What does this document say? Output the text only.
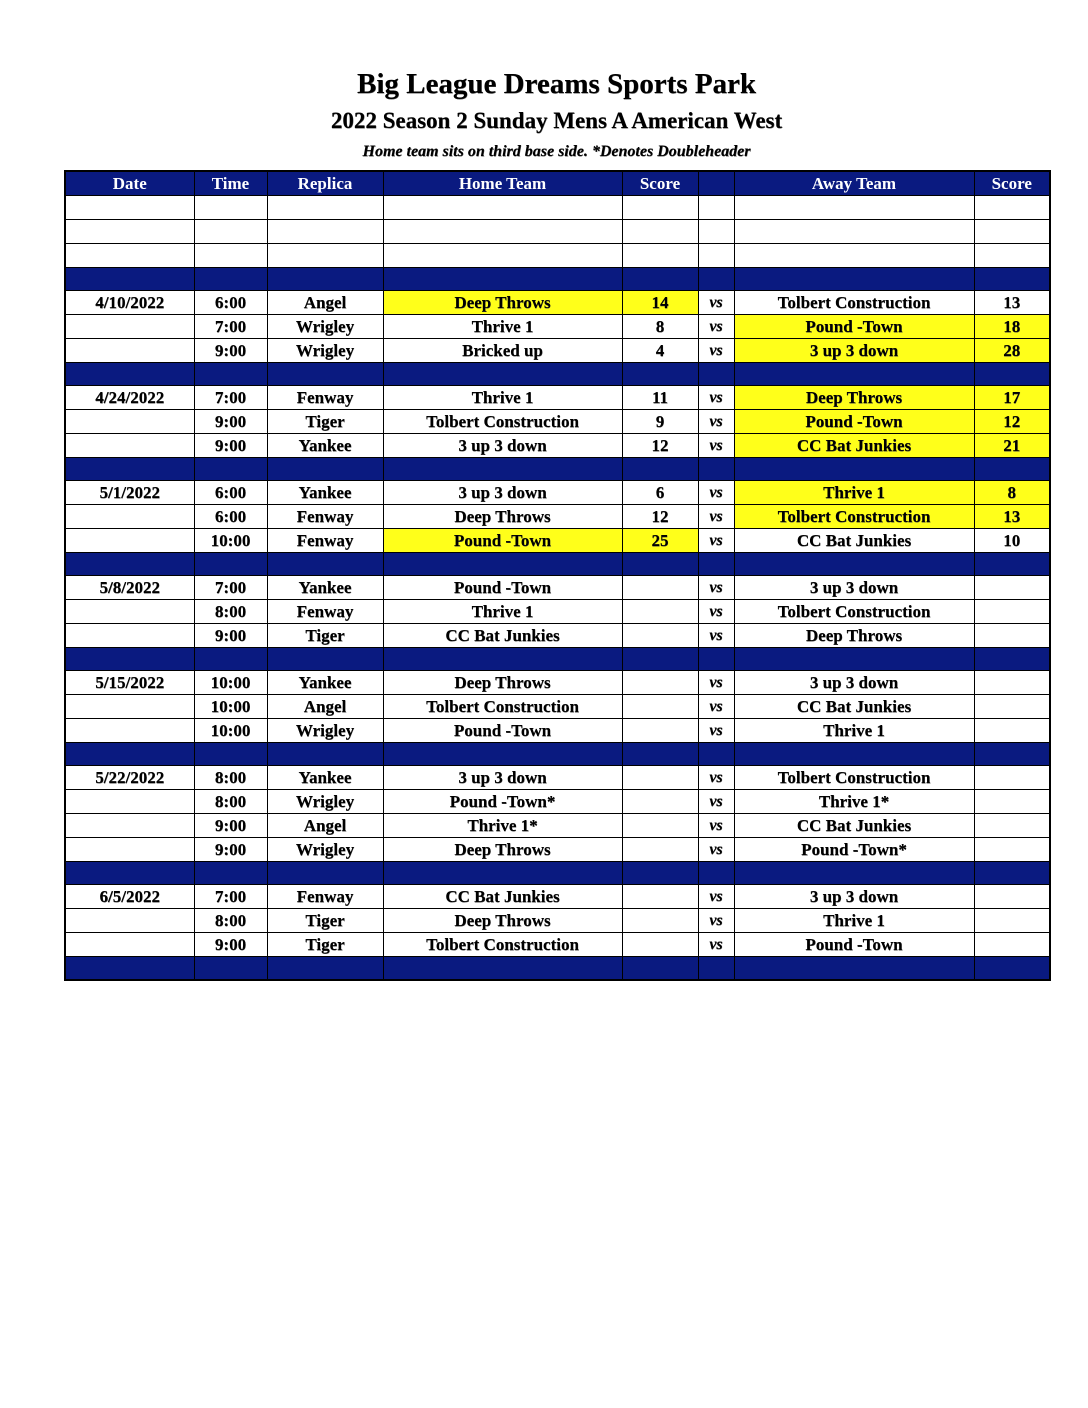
Big League Dreams Sports Park
2022 Season 2 Sunday Mens A American West
Home team sits on third base side. *Denotes Doubleheader
Date	Time	Replica	Home Team	Score		Away Team	Score

4/10/2022	6:00	Angel	Deep Throws	14	vs	Tolbert Construction	13
	7:00	Wrigley	Thrive 1	8	vs	Pound -Town	18
	9:00	Wrigley	Bricked up	4	vs	3 up 3 down	28

4/24/2022	7:00	Fenway	Thrive 1	11	vs	Deep Throws	17
	9:00	Tiger	Tolbert Construction	9	vs	Pound -Town	12
	9:00	Yankee	3 up 3 down	12	vs	CC Bat Junkies	21

5/1/2022	6:00	Yankee	3 up 3 down	6	vs	Thrive 1	8
	6:00	Fenway	Deep Throws	12	vs	Tolbert Construction	13
	10:00	Fenway	Pound -Town	25	vs	CC Bat Junkies	10

5/8/2022	7:00	Yankee	Pound -Town		vs	3 up 3 down	
	8:00	Fenway	Thrive 1		vs	Tolbert Construction	
	9:00	Tiger	CC Bat Junkies		vs	Deep Throws	

5/15/2022	10:00	Yankee	Deep Throws		vs	3 up 3 down	
	10:00	Angel	Tolbert Construction		vs	CC Bat Junkies	
	10:00	Wrigley	Pound -Town		vs	Thrive 1	

5/22/2022	8:00	Yankee	3 up 3 down		vs	Tolbert Construction	
	8:00	Wrigley	Pound -Town*		vs	Thrive 1*	
	9:00	Angel	Thrive 1*		vs	CC Bat Junkies	
	9:00	Wrigley	Deep Throws		vs	Pound -Town*	

6/5/2022	7:00	Fenway	CC Bat Junkies		vs	3 up 3 down	
	8:00	Tiger	Deep Throws		vs	Thrive 1	
	9:00	Tiger	Tolbert Construction		vs	Pound -Town	
